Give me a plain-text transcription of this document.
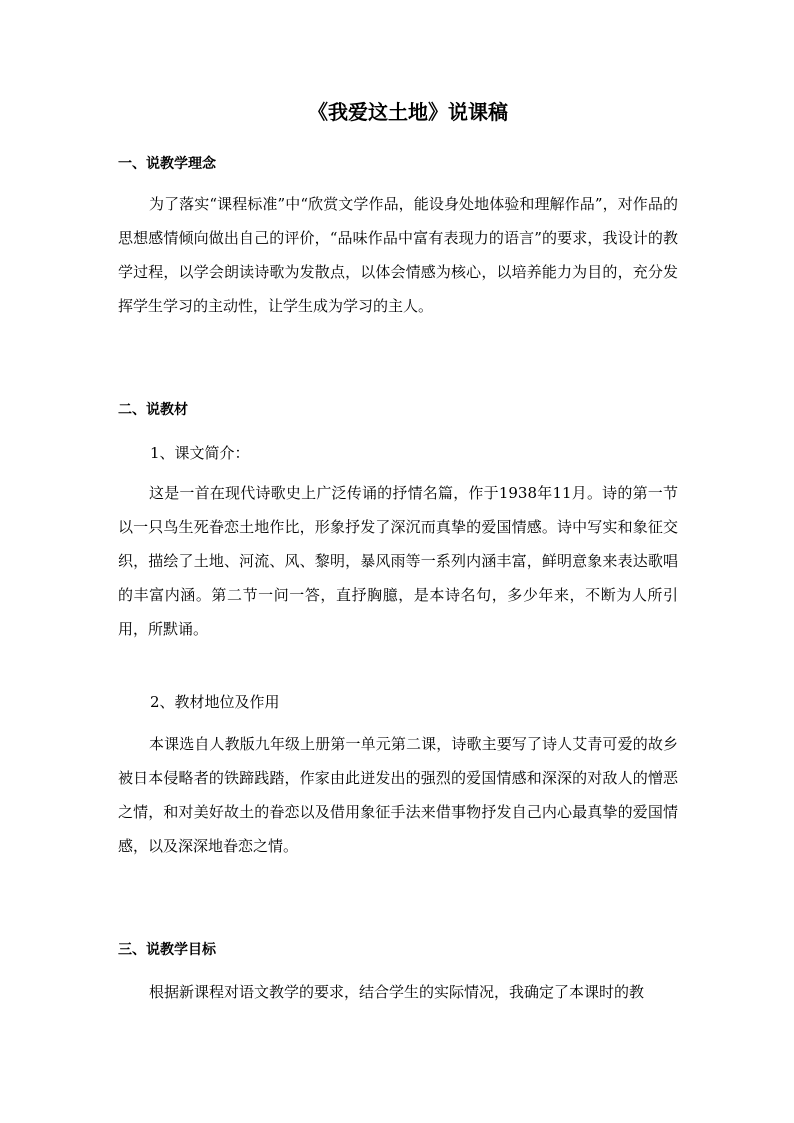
《我爱这土地》说课稿
一、说教学理念

为了落实“课程标准”中“欣赏文学作品，能设身处地体验和理解作品”，对作品的思想感情倾向做出自己的评价，“品味作品中富有表现力的语言”的要求，我设计的教学过程，以学会朗读诗歌为发散点，以体会情感为核心，以培养能力为目的，充分发挥学生学习的主动性，让学生成为学习的主人。

二、说教材
1、课文简介：

这是一首在现代诗歌史上广泛传诵的抒情名篇，作于1938年11月。诗的第一节以一只鸟生死眷恋土地作比，形象抒发了深沉而真挚的爱国情感。诗中写实和象征交织，描绘了土地、河流、风、黎明，暴风雨等一系列内涵丰富，鲜明意象来表达歌唱的丰富内涵。第二节一问一答，直抒胸臆，是本诗名句，多少年来，不断为人所引用，所默诵。

2、教材地位及作用

本课选自人教版九年级上册第一单元第二课，诗歌主要写了诗人艾青可爱的故乡被日本侵略者的铁蹄践踏，作家由此迸发出的强烈的爱国情感和深深的对敌人的憎恶之情，和对美好故土的眷恋以及借用象征手法来借事物抒发自己内心最真挚的爱国情感，以及深深地眷恋之情。

三、说教学目标

根据新课程对语文教学的要求，结合学生的实际情况，我确定了本课时的教
